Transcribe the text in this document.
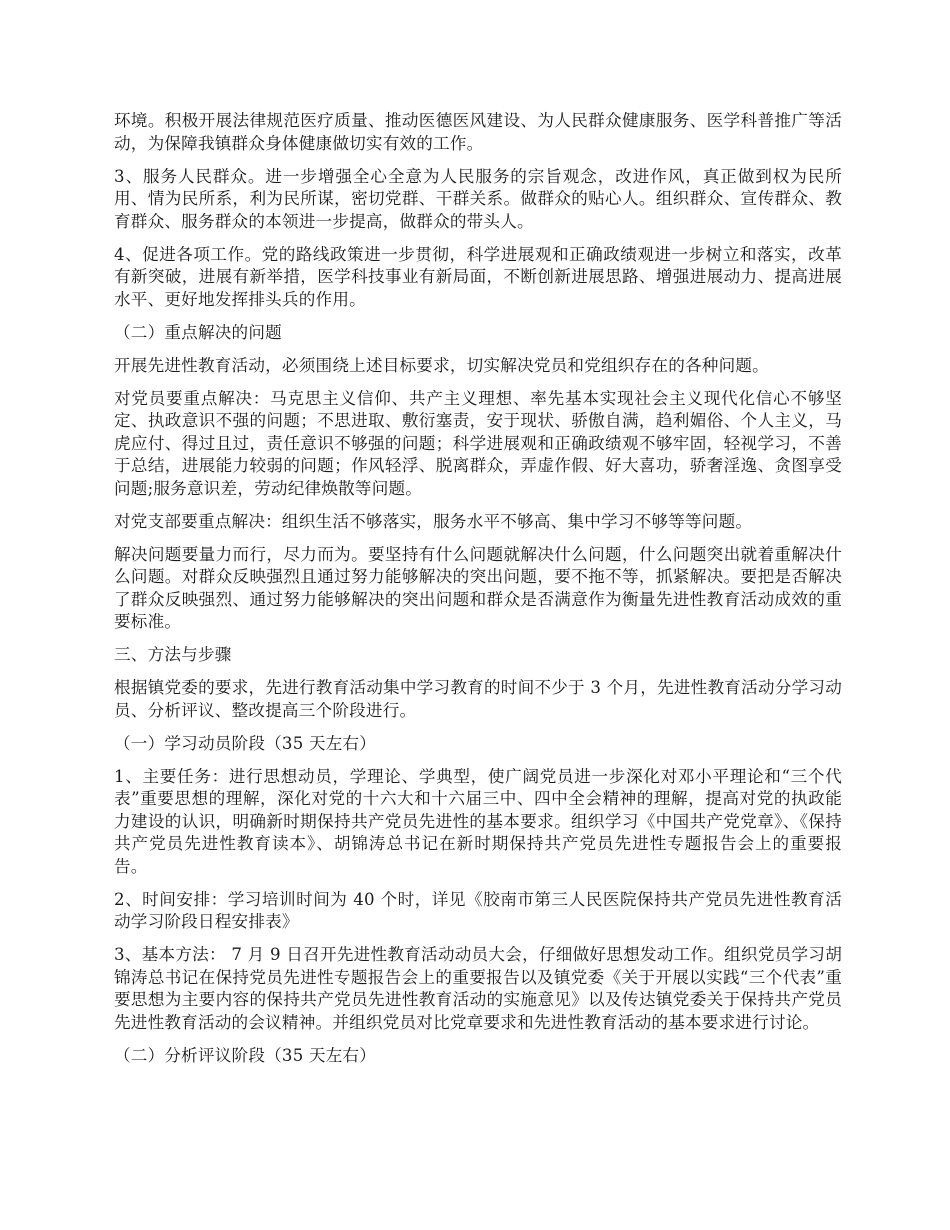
环境。积极开展法律规范医疗质量、推动医德医风建设、为人民群众健康服务、医学科普推广等活动，为保障我镇群众身体健康做切实有效的工作。

3、服务人民群众。进一步增强全心全意为人民服务的宗旨观念，改进作风，真正做到权为民所用、情为民所系，利为民所谋，密切党群、干群关系。做群众的贴心人。组织群众、宣传群众、教育群众、服务群众的本领进一步提高，做群众的带头人。

4、促进各项工作。党的路线政策进一步贯彻，科学进展观和正确政绩观进一步树立和落实，改革有新突破，进展有新举措，医学科技事业有新局面，不断创新进展思路、增强进展动力、提高进展水平、更好地发挥排头兵的作用。

（二）重点解决的问题

开展先进性教育活动，必须围绕上述目标要求，切实解决党员和党组织存在的各种问题。

对党员要重点解决：马克思主义信仰、共产主义理想、率先基本实现社会主义现代化信心不够坚定、执政意识不强的问题；不思进取、敷衍塞责，安于现状、骄傲自满，趋利媚俗、个人主义，马虎应付、得过且过，责任意识不够强的问题；科学进展观和正确政绩观不够牢固，轻视学习，不善于总结，进展能力较弱的问题；作风轻浮、脱离群众，弄虚作假、好大喜功，骄奢淫逸、贪图享受问题;服务意识差，劳动纪律焕散等问题。

对党支部要重点解决：组织生活不够落实，服务水平不够高、集中学习不够等等问题。

解决问题要量力而行，尽力而为。要坚持有什么问题就解决什么问题，什么问题突出就着重解决什么问题。对群众反映强烈且通过努力能够解决的突出问题，要不拖不等，抓紧解决。要把是否解决了群众反映强烈、通过努力能够解决的突出问题和群众是否满意作为衡量先进性教育活动成效的重要标准。

三、方法与步骤

根据镇党委的要求，先进行教育活动集中学习教育的时间不少于 3 个月，先进性教育活动分学习动员、分析评议、整改提高三个阶段进行。

（一）学习动员阶段（35 天左右）

1、主要任务：进行思想动员，学理论、学典型，使广阔党员进一步深化对邓小平理论和“三个代表”重要思想的理解，深化对党的十六大和十六届三中、四中全会精神的理解，提高对党的执政能力建设的认识，明确新时期保持共产党员先进性的基本要求。组织学习《中国共产党党章》、《保持共产党员先进性教育读本》、胡锦涛总书记在新时期保持共产党员先进性专题报告会上的重要报告。

2、时间安排：学习培训时间为 40 个时，详见《胶南市第三人民医院保持共产党员先进性教育活动学习阶段日程安排表》

3、基本方法： 7 月 9 日召开先进性教育活动动员大会，仔细做好思想发动工作。组织党员学习胡锦涛总书记在保持党员先进性专题报告会上的重要报告以及镇党委《关于开展以实践“三个代表”重要思想为主要内容的保持共产党员先进性教育活动的实施意见》以及传达镇党委关于保持共产党员先进性教育活动的会议精神。并组织党员对比党章要求和先进性教育活动的基本要求进行讨论。

（二）分析评议阶段（35 天左右）
